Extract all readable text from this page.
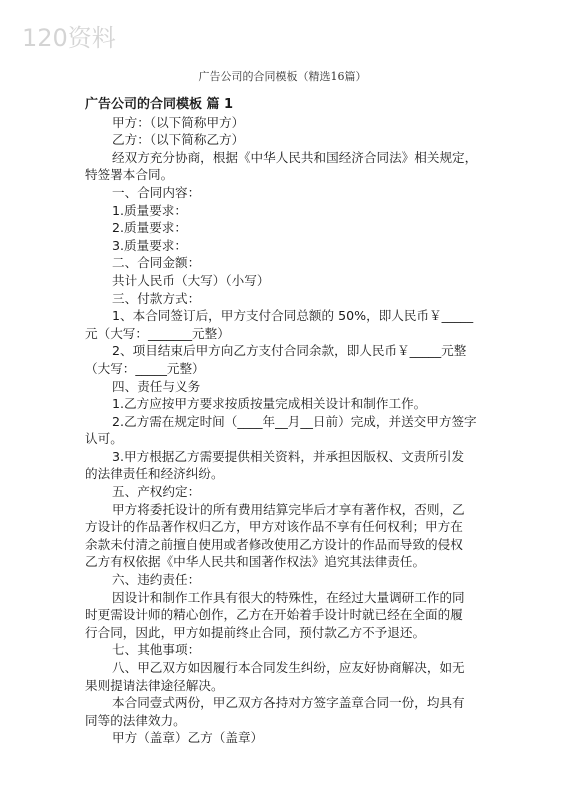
120资料
广告公司的合同模板（精选16篇）

广告公司的合同模板 篇 1

甲方：（以下简称甲方）

乙方：（以下简称乙方）

经双方充分协商，根据《中华人民共和国经济合同法》相关规定，

特签署本合同。

一、合同内容：

1.质量要求：

2.质量要求：

3.质量要求：

二、合同金额：

共计人民币（大写）（小写）

三、付款方式：

1、本合同签订后，甲方支付合同总额的 50%，即人民币￥_____

元（大写：_______元整）

2、项目结束后甲方向乙方支付合同余款，即人民币￥_____元整

（大写：_____元整）

四、责任与义务

1.乙方应按甲方要求按质按量完成相关设计和制作工作。

2.乙方需在规定时间（____年__月__日前）完成，并送交甲方签字

认可。

3.甲方根据乙方需要提供相关资料，并承担因版权、文责所引发

的法律责任和经济纠纷。

五、产权约定：

甲方将委托设计的所有费用结算完毕后才享有著作权，否则，乙

方设计的作品著作权归乙方，甲方对该作品不享有任何权利；甲方在

余款未付清之前擅自使用或者修改使用乙方设计的作品而导致的侵权

乙方有权依据《中华人民共和国著作权法》追究其法律责任。

六、违约责任：

因设计和制作工作具有很大的特殊性，在经过大量调研工作的同

时更需设计师的精心创作，乙方在开始着手设计时就已经在全面的履

行合同，因此，甲方如提前终止合同，预付款乙方不予退还。

七、其他事项：

八、甲乙双方如因履行本合同发生纠纷，应友好协商解决，如无

果则提请法律途径解决。

本合同壹式两份，甲乙双方各持对方签字盖章合同一份，均具有

同等的法律效力。

甲方（盖章）乙方（盖章）
